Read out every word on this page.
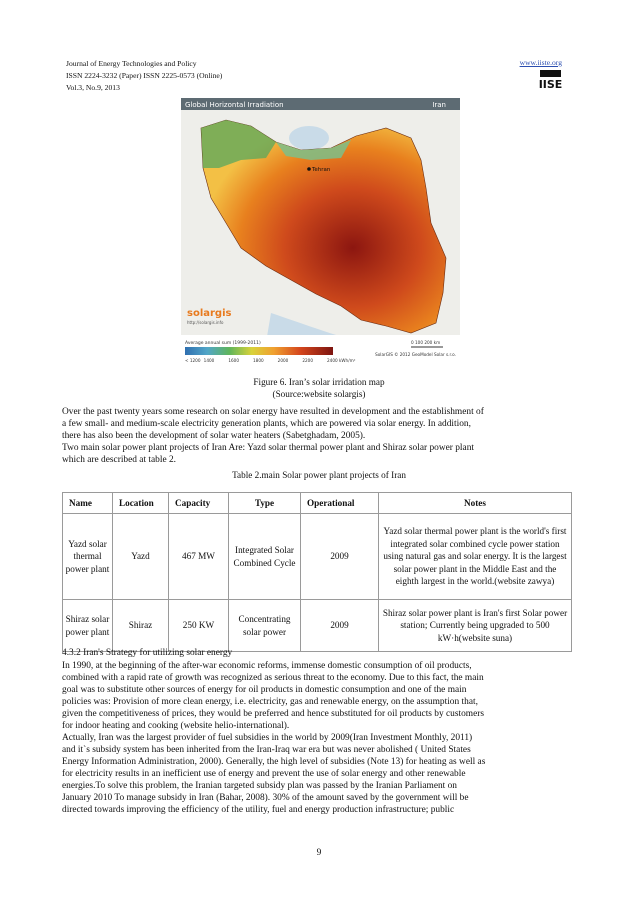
Journal of Energy Technologies and Policy
ISSN 2224-3232 (Paper) ISSN 2225-0573 (Online)
Vol.3, No.9, 2013
www.iiste.org
IISE
Global Horizontal Irradiation	Iran
Tehran
solargis
http://solargis.info
Average annual sum (1999-2011)
< 1200 1400	1600	1800	2000	2200	2400 kWh/m²
SolarGIS © 2012 GeoModel Solar s.r.o.
0 100 200 km
Figure 6. Iran’s solar irridation map
(Source:website solargis)
Over the past twenty years some research on solar energy have resulted in development and the establishment of
a few small- and medium-scale electricity generation plants, which are powered via solar energy. In addition,
there has also been the development of solar water heaters (Sabetghadam, 2005).
Two main solar power plant projects of Iran Are: Yazd solar thermal power plant and Shiraz solar power plant
which are described at table 2.
Table 2.main Solar power plant projects of Iran
Name	Location	Capacity	Type	Operational	Notes
Yazd solar thermal power plant	Yazd	467 MW	Integrated Solar Combined Cycle	2009	Yazd solar thermal power plant is the world's first integrated solar combined cycle power station using natural gas and solar energy. It is the largest solar power plant in the Middle East and the eighth largest in the world.(website zawya)
Shiraz solar power plant	Shiraz	250 KW	Concentrating solar power	2009	Shiraz solar power plant is Iran's first Solar power station; Currently being upgraded to 500 kW·h(website suna)
4.3.2 Iran's Strategy for utilizing solar energy
In 1990, at the beginning of the after-war economic reforms, immense domestic consumption of oil products,
combined with a rapid rate of growth was recognized as serious threat to the economy. Due to this fact, the main
goal was to substitute other sources of energy for oil products in domestic consumption and one of the main
policies was: Provision of more clean energy, i.e. electricity, gas and renewable energy, on the assumption that,
given the competitiveness of prices, they would be preferred and hence substituted for oil products by customers
for indoor heating and cooking (website helio-international).
Actually, Iran was the largest provider of fuel subsidies in the world by 2009(Iran Investment Monthly, 2011)
and it`s subsidy system has been inherited from the Iran-Iraq war era but was never abolished ( United States
Energy Information Administration, 2000). Generally, the high level of subsidies (Note 13) for heating as well as
for electricity results in an inefficient use of energy and prevent the use of solar energy and other renewable
energies.To solve this problem, the Iranian targeted subsidy plan was passed by the Iranian Parliament on
January 2010 To manage subsidy in Iran (Bahar, 2008). 30% of the amount saved by the government will be
directed towards improving the efficiency of the utility, fuel and energy production infrastructure; public
9
